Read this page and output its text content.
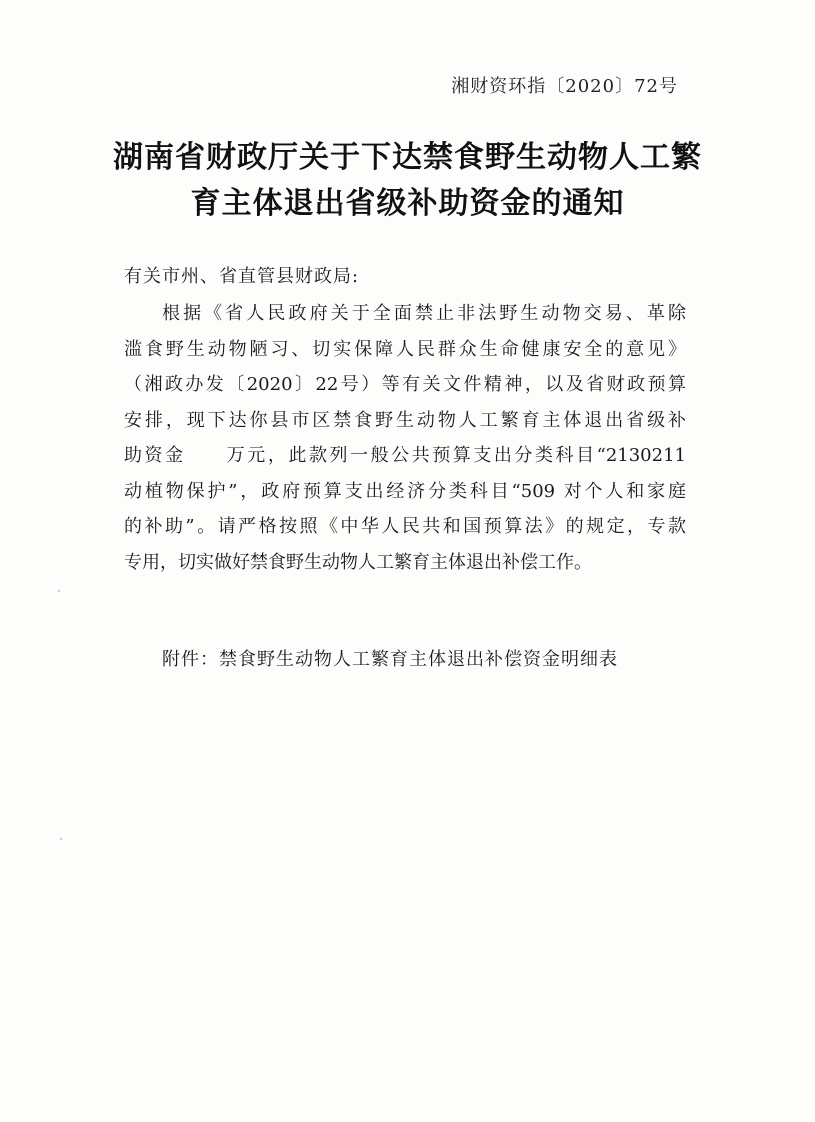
湘财资环指〔2020〕72号
湖南省财政厅关于下达禁食野生动物人工繁
育主体退出省级补助资金的通知
有关市州、省直管县财政局:
根据《省人民政府关于全面禁止非法野生动物交易、革除
滥食野生动物陋习、切实保障人民群众生命健康安全的意见》
（湘政办发〔2020〕22号）等有关文件精神，以及省财政预算
安排，现下达你县市区禁食野生动物人工繁育主体退出省级补
助资金　　万元，此款列一般公共预算支出分类科目“2130211
动植物保护”，政府预算支出经济分类科目“509 对个人和家庭
的补助”。请严格按照《中华人民共和国预算法》的规定，专款
专用，切实做好禁食野生动物人工繁育主体退出补偿工作。
附件：禁食野生动物人工繁育主体退出补偿资金明细表
